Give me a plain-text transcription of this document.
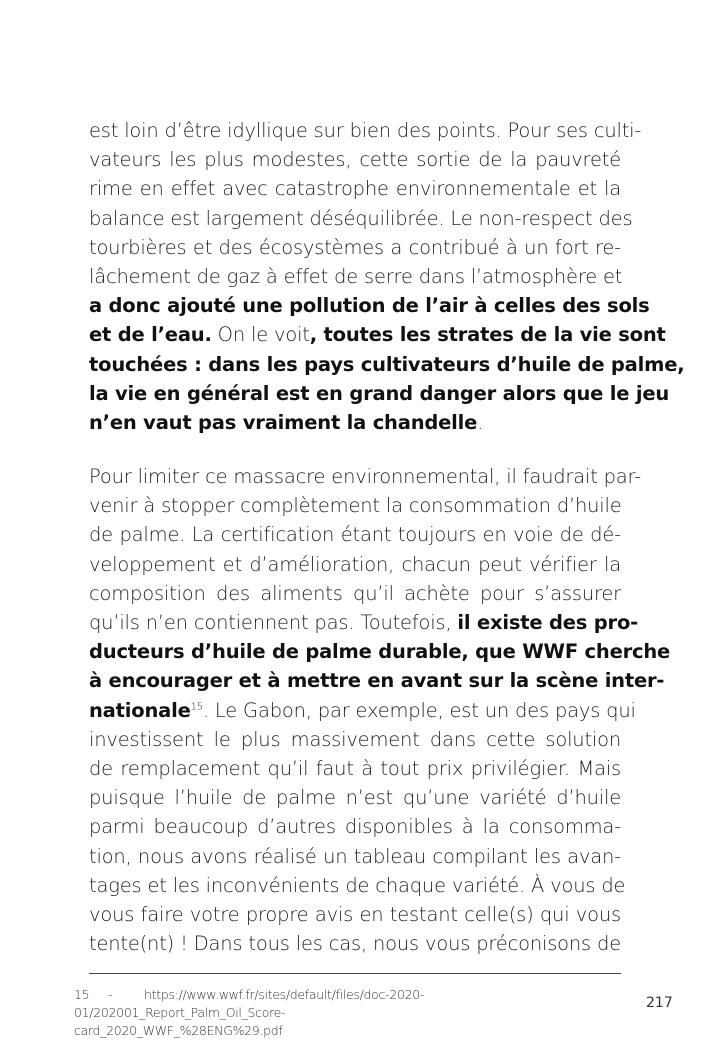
est loin d’être idyllique sur bien des points. Pour ses culti-
vateurs les plus modestes, cette sortie de la pauvreté
rime en effet avec catastrophe environnementale et la
balance est largement déséquilibrée. Le non-respect des
tourbières et des écosystèmes a contribué à un fort re-
lâchement de gaz à effet de serre dans l’atmosphère et
a donc ajouté une pollution de l’air à celles des sols
et de l’eau. On le voit, toutes les strates de la vie sont
touchées : dans les pays cultivateurs d’huile de palme,
la vie en général est en grand danger alors que le jeu
n’en vaut pas vraiment la chandelle.
Pour limiter ce massacre environnemental, il faudrait par-
venir à stopper complètement la consommation d’huile
de palme. La certification étant toujours en voie de dé-
veloppement et d’amélioration, chacun peut vérifier la
composition des aliments qu’il achète pour s’assurer
qu’ils n’en contiennent pas. Toutefois, il existe des pro-
ducteurs d’huile de palme durable, que WWF cherche
à encourager et à mettre en avant sur la scène inter-
nationale$^{15}$. Le Gabon, par exemple, est un des pays qui
investissent le plus massivement dans cette solution
de remplacement qu’il faut à tout prix privilégier. Mais
puisque l’huile de palme n’est qu’une variété d’huile
parmi beaucoup d’autres disponibles à la consomma-
tion, nous avons réalisé un tableau compilant les avan-
tages et les inconvénients de chaque variété. À vous de
vous faire votre propre avis en testant celle(s) qui vous
tente(nt) ! Dans tous les cas, nous vous préconisons de
15 -	https://www.wwf.fr/sites/default/files/doc-2020-01/202001_Report_Palm_Oil_Score-
card_2020_WWF_%28ENG%29.pdf
217
